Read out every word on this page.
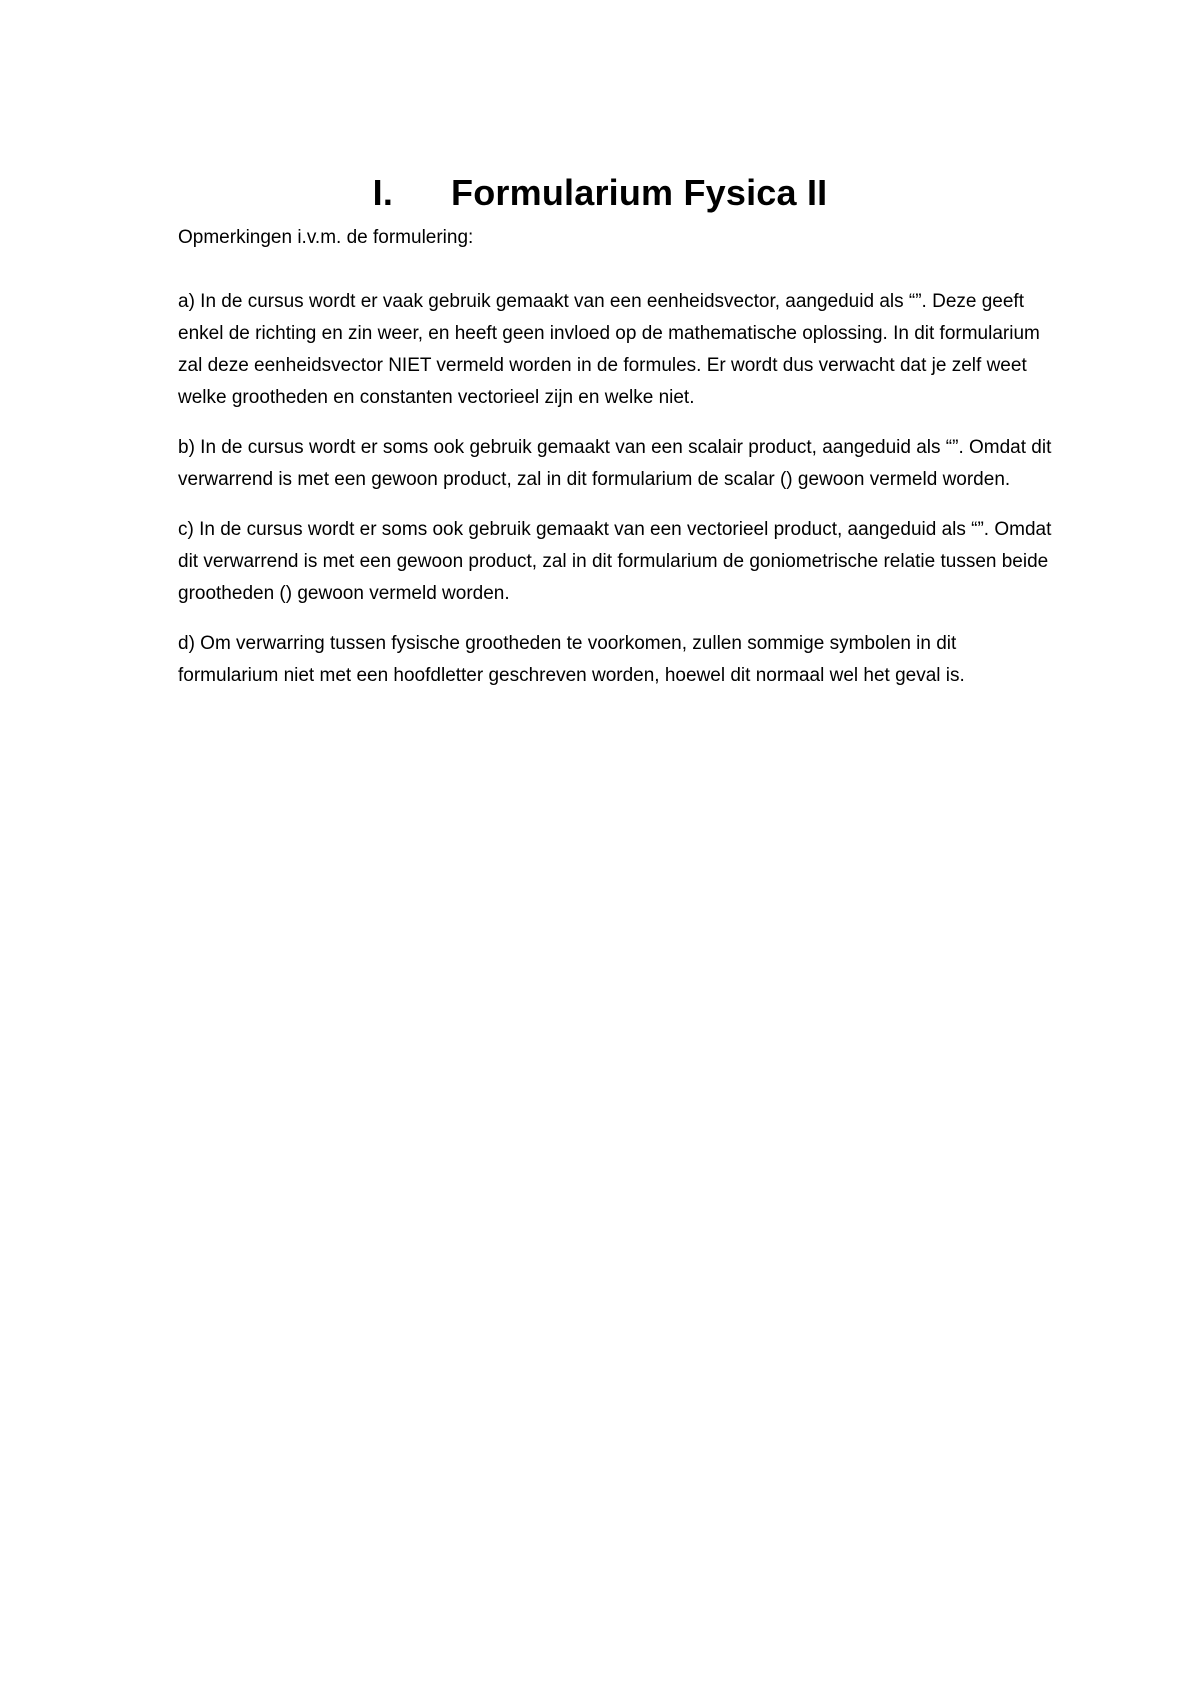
I. Formularium Fysica II

Opmerkingen i.v.m. de formulering:

a) In de cursus wordt er vaak gebruik gemaakt van een eenheidsvector, aangeduid als “”. Deze geeft enkel de richting en zin weer, en heeft geen invloed op de mathematische oplossing. In dit formularium zal deze eenheidsvector NIET vermeld worden in de formules. Er wordt dus verwacht dat je zelf weet welke grootheden en constanten vectorieel zijn en welke niet.

b) In de cursus wordt er soms ook gebruik gemaakt van een scalair product, aangeduid als “”. Omdat dit verwarrend is met een gewoon product, zal in dit formularium de scalar () gewoon vermeld worden.

c) In de cursus wordt er soms ook gebruik gemaakt van een vectorieel product, aangeduid als “”. Omdat dit verwarrend is met een gewoon product, zal in dit formularium de goniometrische relatie tussen beide grootheden () gewoon vermeld worden.

d) Om verwarring tussen fysische grootheden te voorkomen, zullen sommige symbolen in dit formularium niet met een hoofdletter geschreven worden, hoewel dit normaal wel het geval is.
